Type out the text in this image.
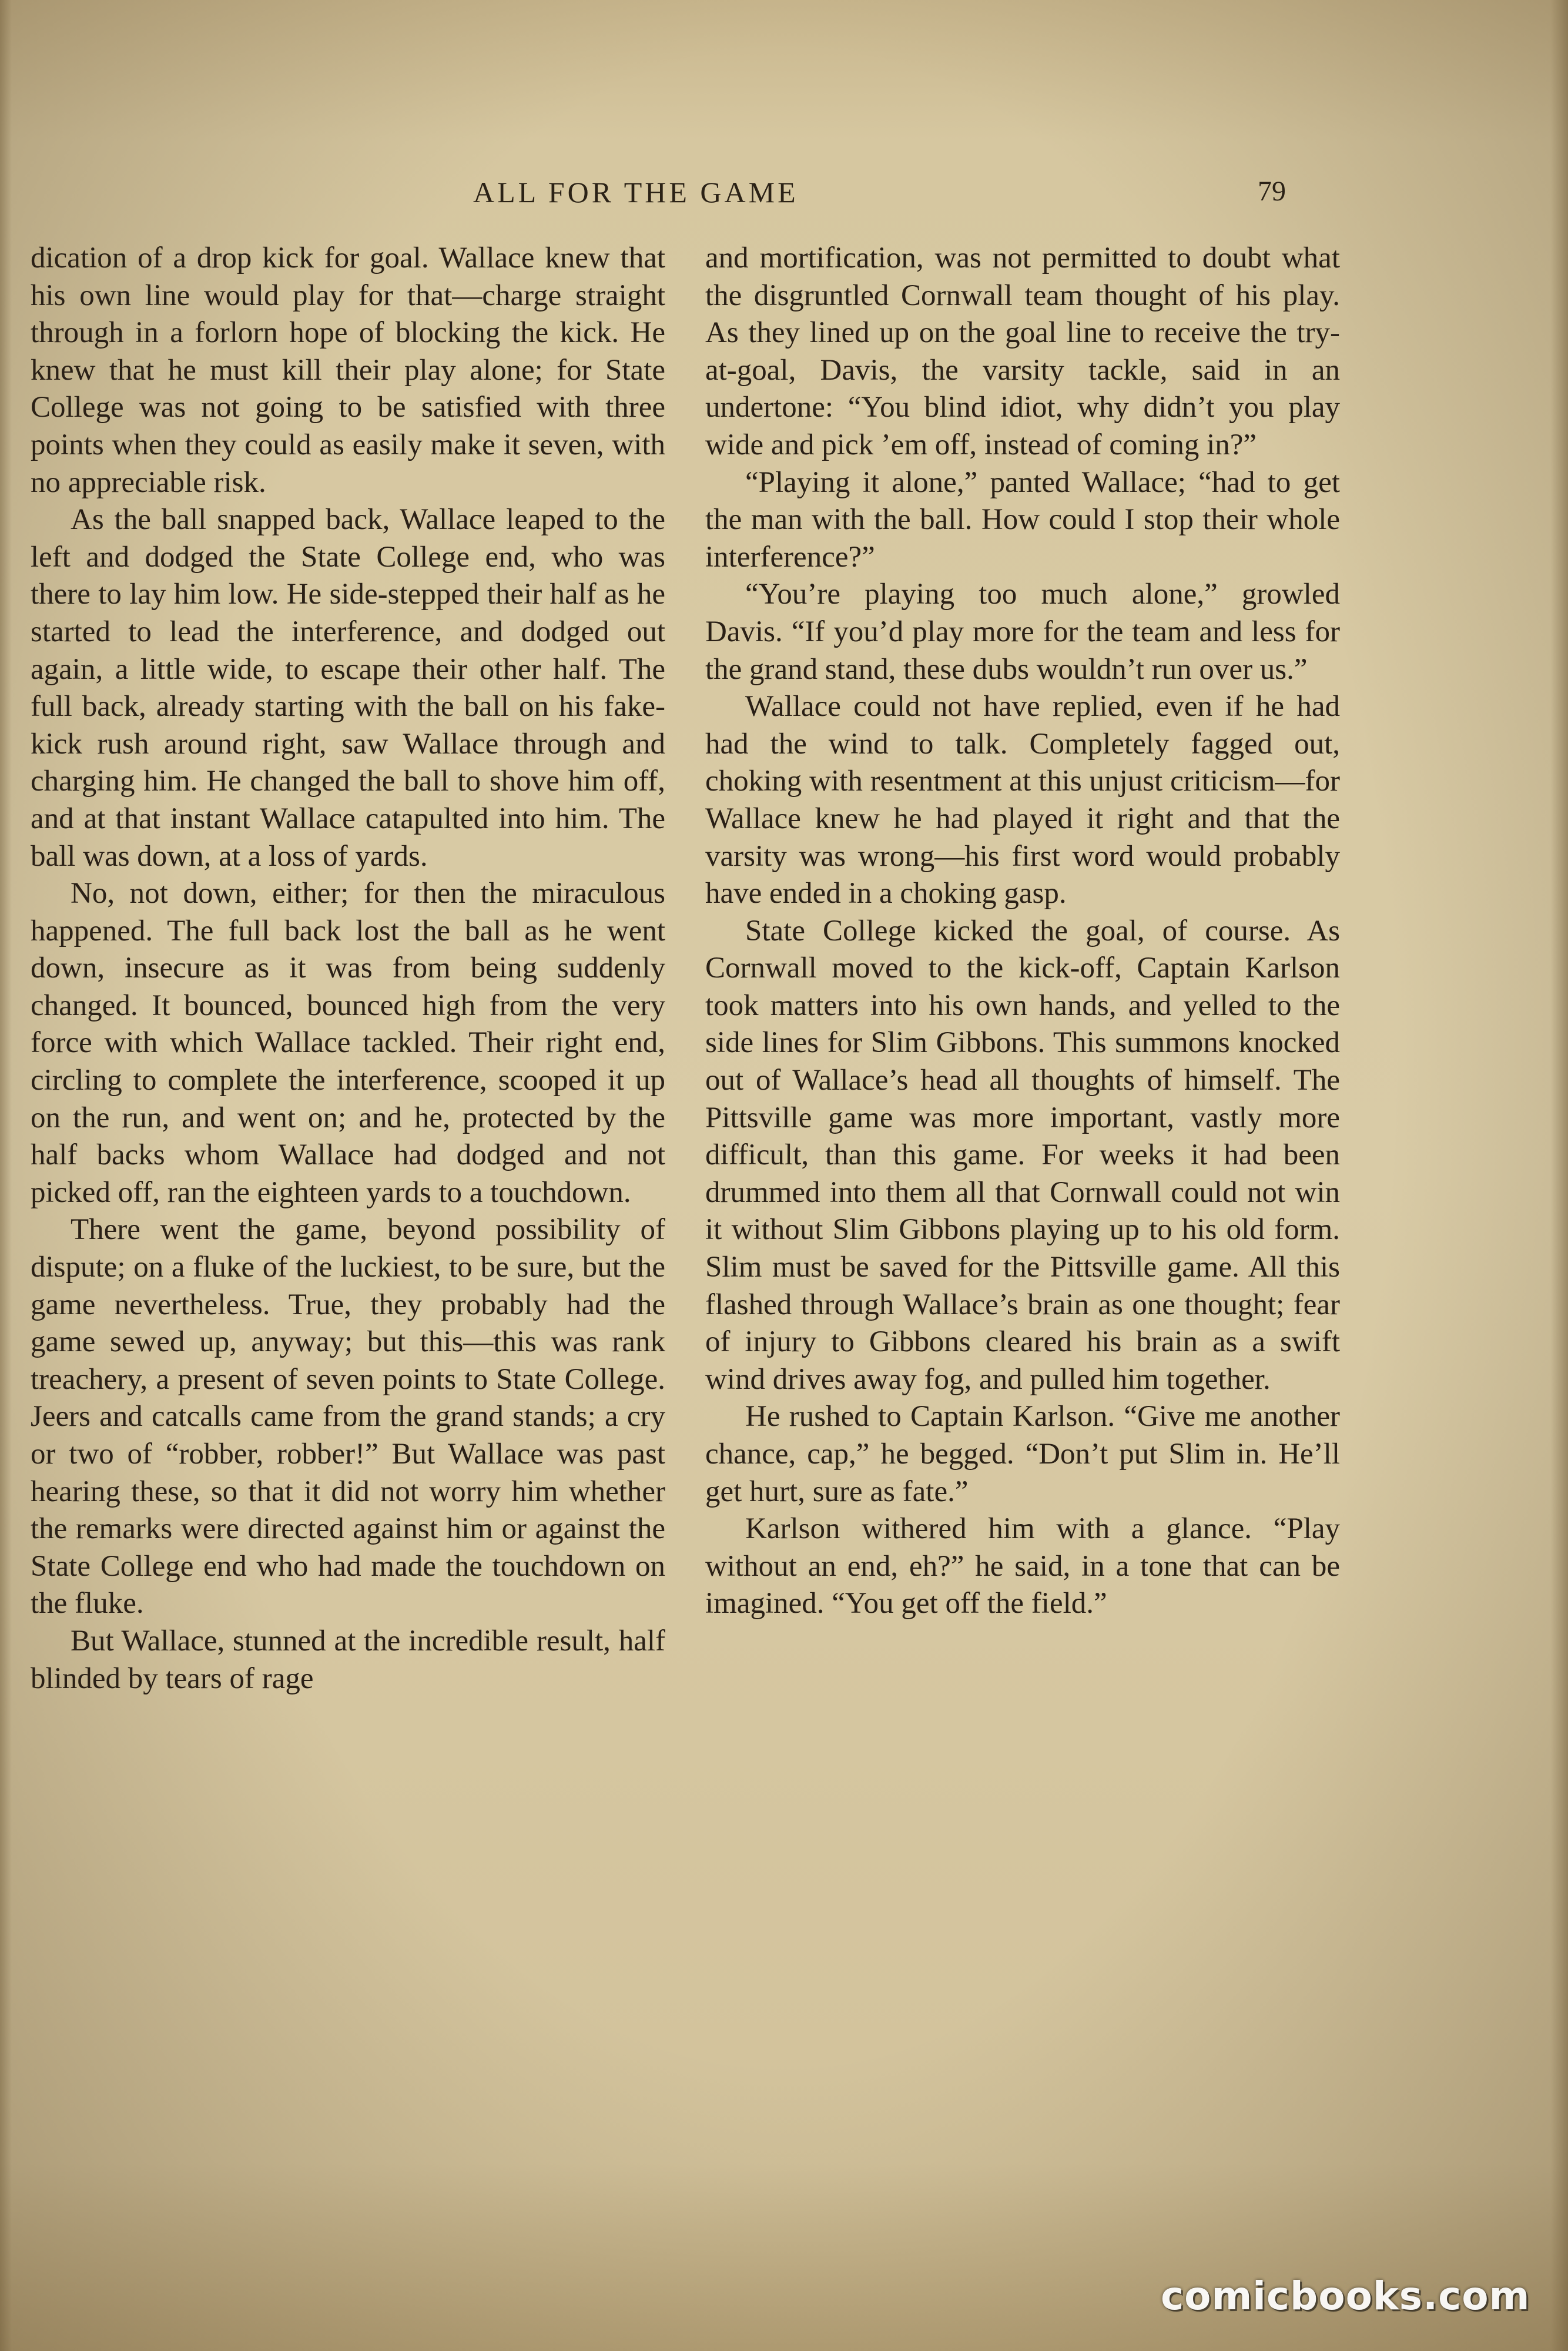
ALL FOR THE GAME	79

dication of a drop kick for goal. Wallace knew that his own line would play for that—charge straight through in a forlorn hope of blocking the kick. He knew that he must kill their play alone; for State College was not going to be satisfied with three points when they could as easily make it seven, with no appreciable risk.

As the ball snapped back, Wallace leaped to the left and dodged the State College end, who was there to lay him low. He side-stepped their half as he started to lead the interference, and dodged out again, a little wide, to escape their other half. The full back, already starting with the ball on his fake-kick rush around right, saw Wallace through and charging him. He changed the ball to shove him off, and at that instant Wallace catapulted into him. The ball was down, at a loss of yards.

No, not down, either; for then the miraculous happened. The full back lost the ball as he went down, insecure as it was from being suddenly changed. It bounced, bounced high from the very force with which Wallace tackled. Their right end, circling to complete the interference, scooped it up on the run, and went on; and he, protected by the half backs whom Wallace had dodged and not picked off, ran the eighteen yards to a touchdown.

There went the game, beyond possibility of dispute; on a fluke of the luckiest, to be sure, but the game nevertheless. True, they probably had the game sewed up, anyway; but this—this was rank treachery, a present of seven points to State College. Jeers and catcalls came from the grand stands; a cry or two of “robber, robber!” But Wallace was past hearing these, so that it did not worry him whether the remarks were directed against him or against the State College end who had made the touchdown on the fluke.

But Wallace, stunned at the incredible result, half blinded by tears of rage

and mortification, was not permitted to doubt what the disgruntled Cornwall team thought of his play. As they lined up on the goal line to receive the try-at-goal, Davis, the varsity tackle, said in an undertone: “You blind idiot, why didn’t you play wide and pick ’em off, instead of coming in?”

“Playing it alone,” panted Wallace; “had to get the man with the ball. How could I stop their whole interference?”

“You’re playing too much alone,” growled Davis. “If you’d play more for the team and less for the grand stand, these dubs wouldn’t run over us.”

Wallace could not have replied, even if he had had the wind to talk. Completely fagged out, choking with resentment at this unjust criticism—for Wallace knew he had played it right and that the varsity was wrong—his first word would probably have ended in a choking gasp.

State College kicked the goal, of course. As Cornwall moved to the kick-off, Captain Karlson took matters into his own hands, and yelled to the side lines for Slim Gibbons. This summons knocked out of Wallace’s head all thoughts of himself. The Pittsville game was more important, vastly more difficult, than this game. For weeks it had been drummed into them all that Cornwall could not win it without Slim Gibbons playing up to his old form. Slim must be saved for the Pittsville game. All this flashed through Wallace’s brain as one thought; fear of injury to Gibbons cleared his brain as a swift wind drives away fog, and pulled him together.

He rushed to Captain Karlson. “Give me another chance, cap,” he begged. “Don’t put Slim in. He’ll get hurt, sure as fate.”

Karlson withered him with a glance. “Play without an end, eh?” he said, in a tone that can be imagined. “You get off the field.”

comicbooks.com
